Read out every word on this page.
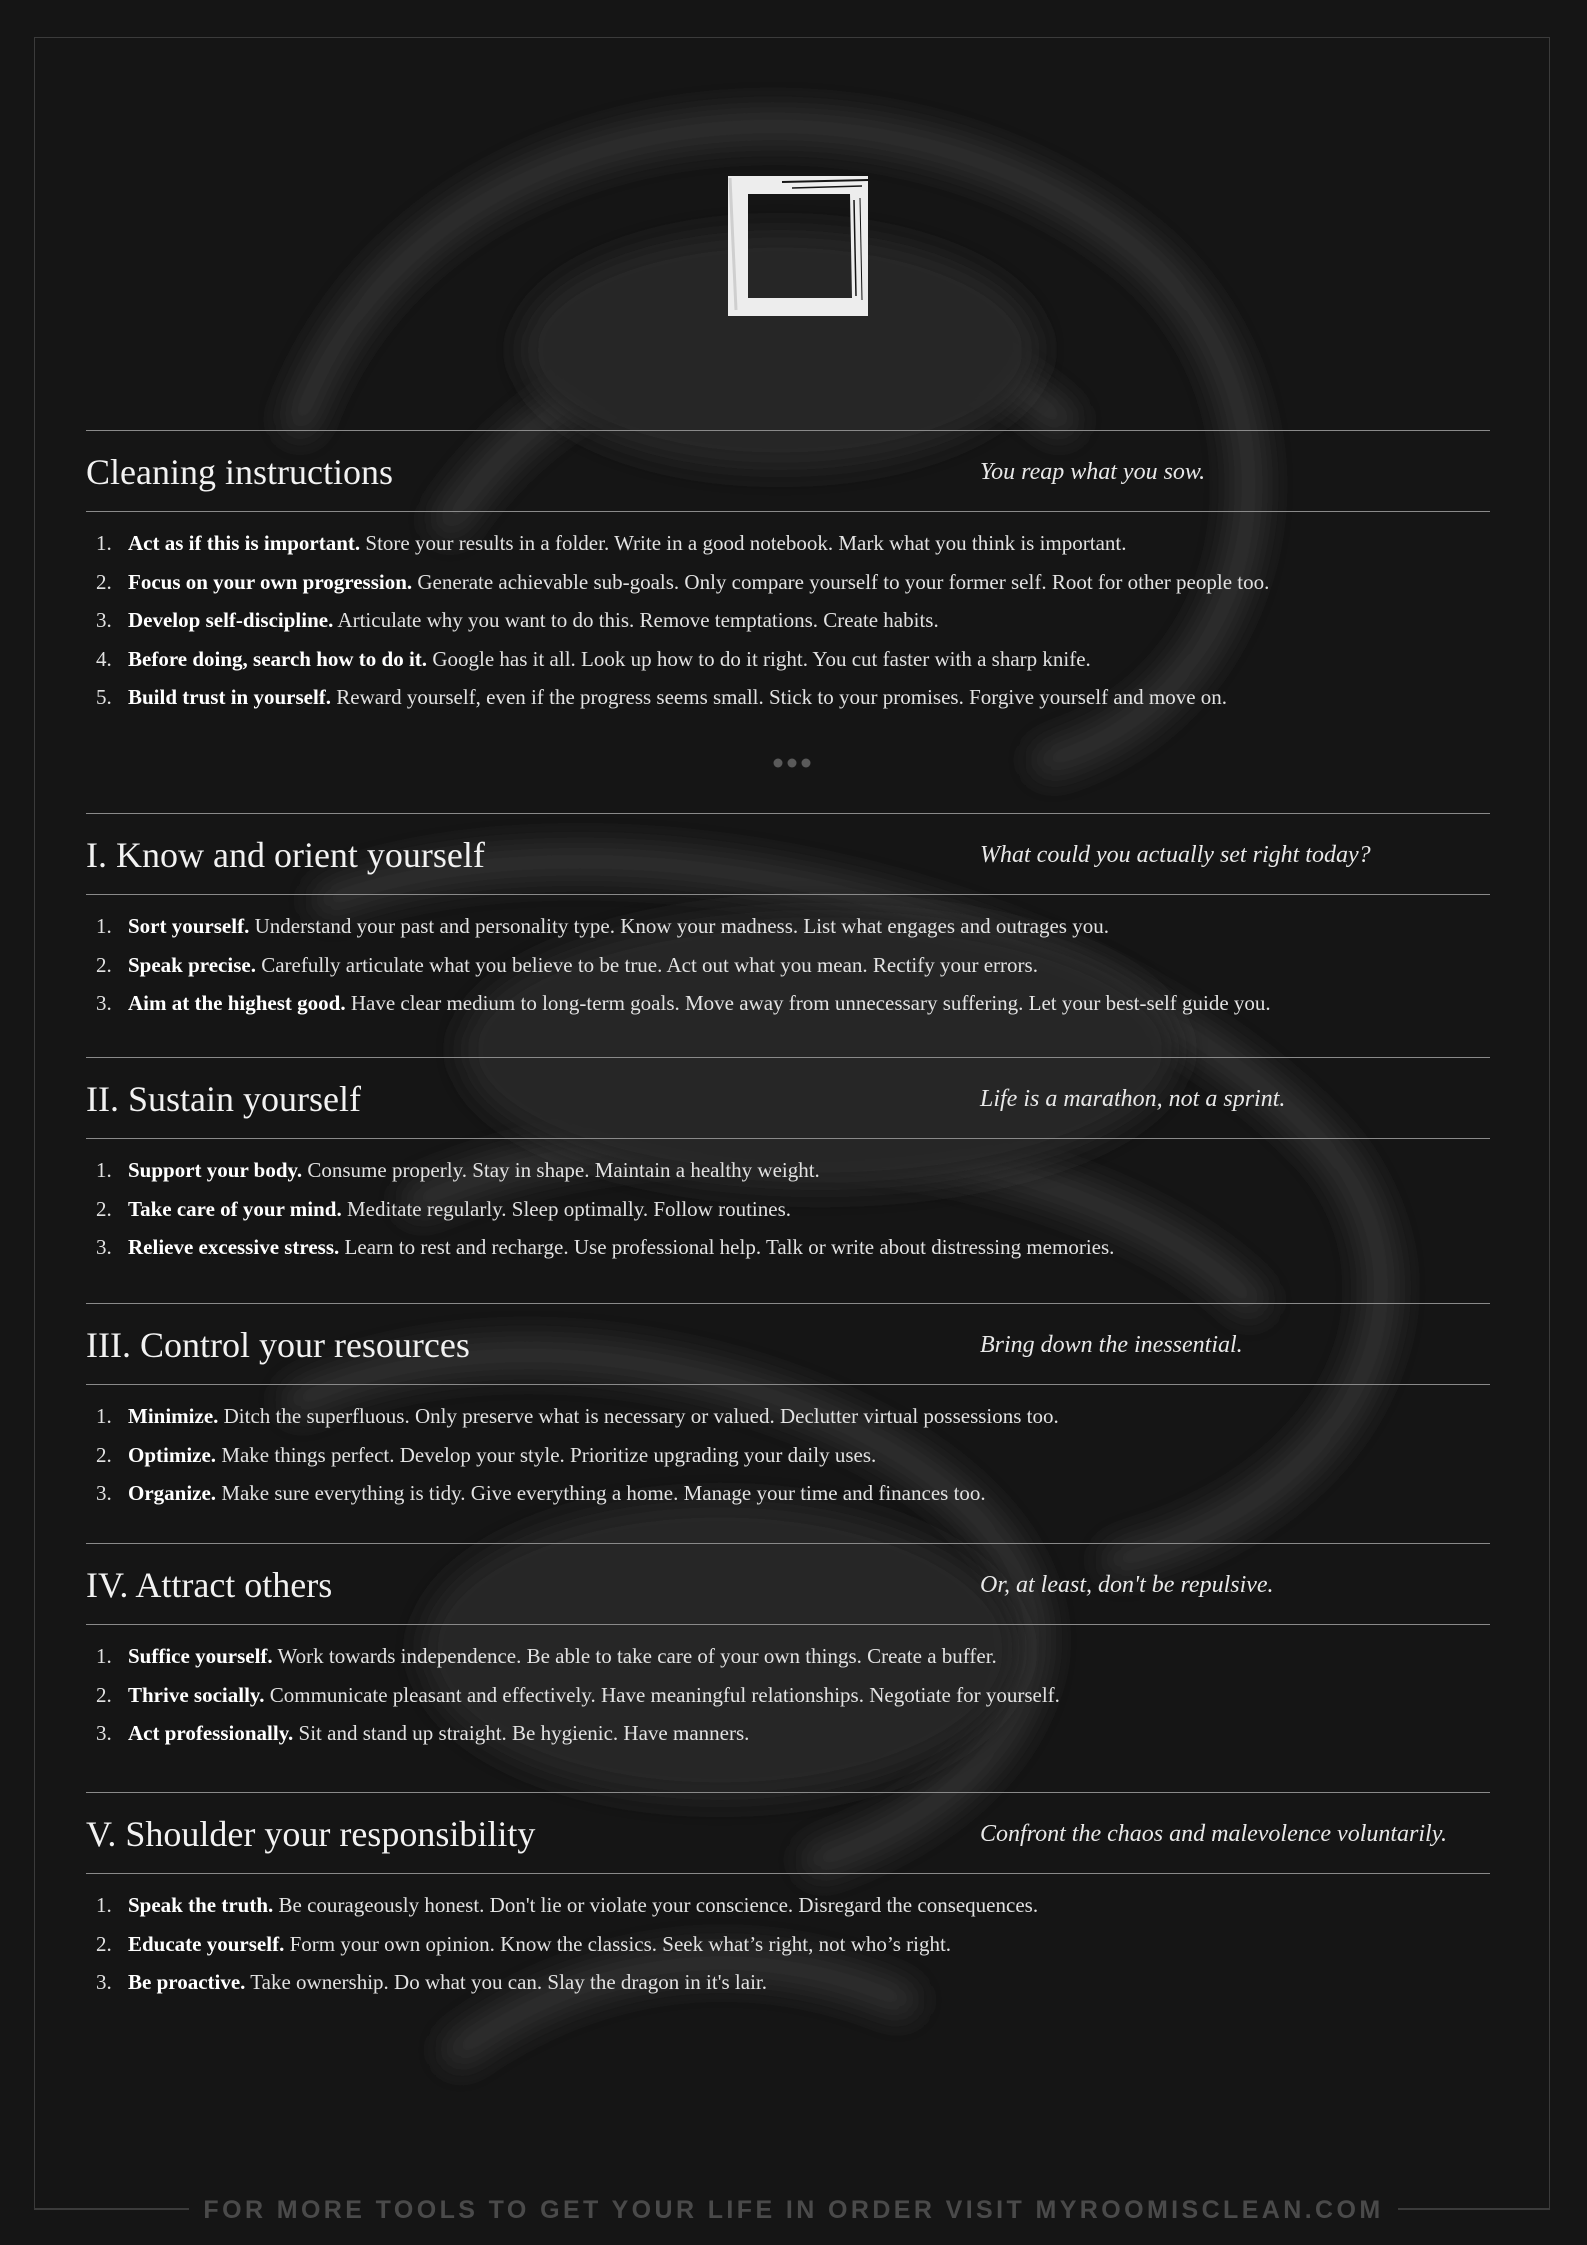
Cleaning instructions	You reap what you sow.
1. Act as if this is important. Store your results in a folder. Write in a good notebook. Mark what you think is important.
2. Focus on your own progression. Generate achievable sub-goals. Only compare yourself to your former self. Root for other people too.
3. Develop self-discipline. Articulate why you want to do this. Remove temptations. Create habits.
4. Before doing, search how to do it. Google has it all. Look up how to do it right. You cut faster with a sharp knife.
5. Build trust in yourself. Reward yourself, even if the progress seems small. Stick to your promises. Forgive yourself and move on.
I. Know and orient yourself	What could you actually set right today?
1. Sort yourself. Understand your past and personality type. Know your madness. List what engages and outrages you.
2. Speak precise. Carefully articulate what you believe to be true. Act out what you mean. Rectify your errors.
3. Aim at the highest good. Have clear medium to long-term goals. Move away from unnecessary suffering. Let your best-self guide you.
II. Sustain yourself	Life is a marathon, not a sprint.
1. Support your body. Consume properly. Stay in shape. Maintain a healthy weight.
2. Take care of your mind. Meditate regularly. Sleep optimally. Follow routines.
3. Relieve excessive stress. Learn to rest and recharge. Use professional help. Talk or write about distressing memories.
III. Control your resources	Bring down the inessential.
1. Minimize. Ditch the superfluous. Only preserve what is necessary or valued. Declutter virtual possessions too.
2. Optimize. Make things perfect. Develop your style. Prioritize upgrading your daily uses.
3. Organize. Make sure everything is tidy. Give everything a home. Manage your time and finances too.
IV. Attract others	Or, at least, don't be repulsive.
1. Suffice yourself. Work towards independence. Be able to take care of your own things. Create a buffer.
2. Thrive socially. Communicate pleasant and effectively. Have meaningful relationships. Negotiate for yourself.
3. Act professionally. Sit and stand up straight. Be hygienic. Have manners.
V. Shoulder your responsibility	Confront the chaos and malevolence voluntarily.
1. Speak the truth. Be courageously honest. Don't lie or violate your conscience. Disregard the consequences.
2. Educate yourself. Form your own opinion. Know the classics. Seek what’s right, not who’s right.
3. Be proactive. Take ownership. Do what you can. Slay the dragon in it's lair.
FOR MORE TOOLS TO GET YOUR LIFE IN ORDER VISIT MYROOMISCLEAN.COM
